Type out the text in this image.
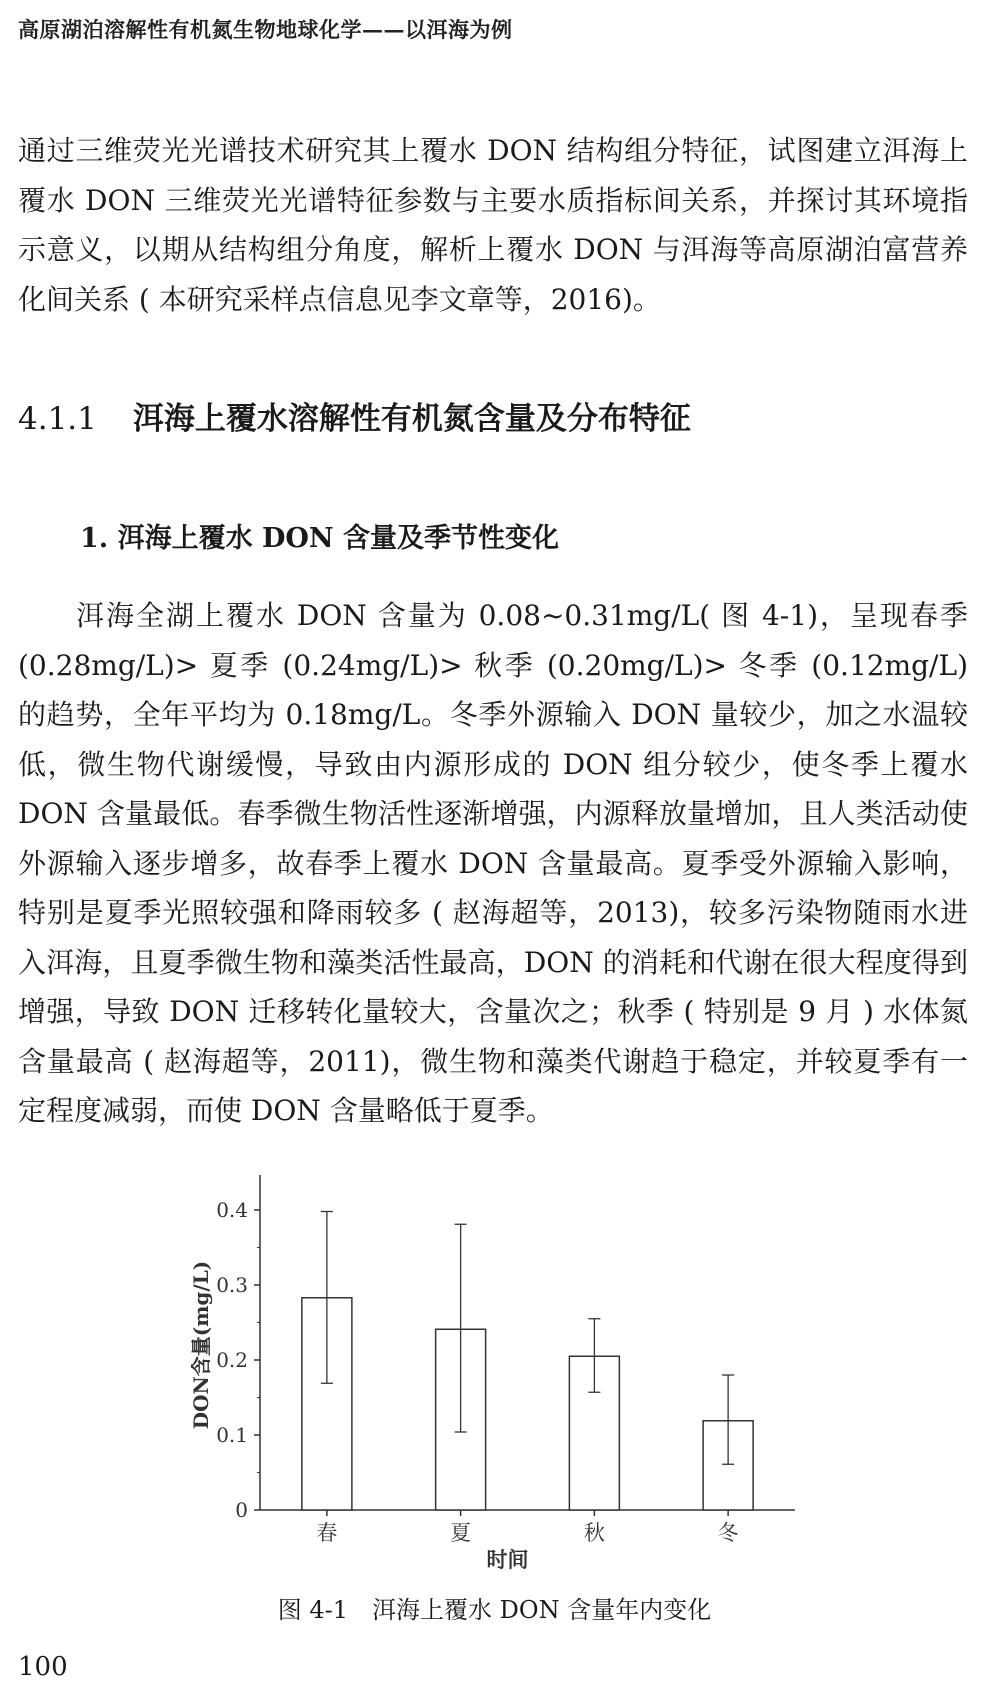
高原湖泊溶解性有机氮生物地球化学——以洱海为例

通过三维荧光光谱技术研究其上覆水 DON 结构组分特征，试图建立洱海上覆水 DON 三维荧光光谱特征参数与主要水质指标间关系，并探讨其环境指示意义，以期从结构组分角度，解析上覆水 DON 与洱海等高原湖泊富营养化间关系 ( 本研究采样点信息见李文章等，2016)。

4.1.1 洱海上覆水溶解性有机氮含量及分布特征
1. 洱海上覆水 DON 含量及季节性变化

洱海全湖上覆水 DON 含量为 0.08~0.31mg/L( 图 4-1)，呈现春季 (0.28mg/L)> 夏季 (0.24mg/L)> 秋季 (0.20mg/L)> 冬季 (0.12mg/L) 的趋势，全年平均为 0.18mg/L。冬季外源输入 DON 量较少，加之水温较低，微生物代谢缓慢，导致由内源形成的 DON 组分较少，使冬季上覆水 DON 含量最低。春季微生物活性逐渐增强，内源释放量增加，且人类活动使外源输入逐步增多，故春季上覆水 DON 含量最高。夏季受外源输入影响，特别是夏季光照较强和降雨较多 ( 赵海超等，2013)，较多污染物随雨水进入洱海，且夏季微生物和藻类活性最高，DON 的消耗和代谢在很大程度得到增强，导致 DON 迁移转化量较大，含量次之；秋季 ( 特别是 9 月 ) 水体氮含量最高 ( 赵海超等，2011)，微生物和藻类代谢趋于稳定，并较夏季有一定程度减弱，而使 DON 含量略低于夏季。

0
0.1
0.2
0.3
0.4
春	夏	秋	冬
时间
DON含量(mg/L)
图 4-1 洱海上覆水 DON 含量年内变化
100
